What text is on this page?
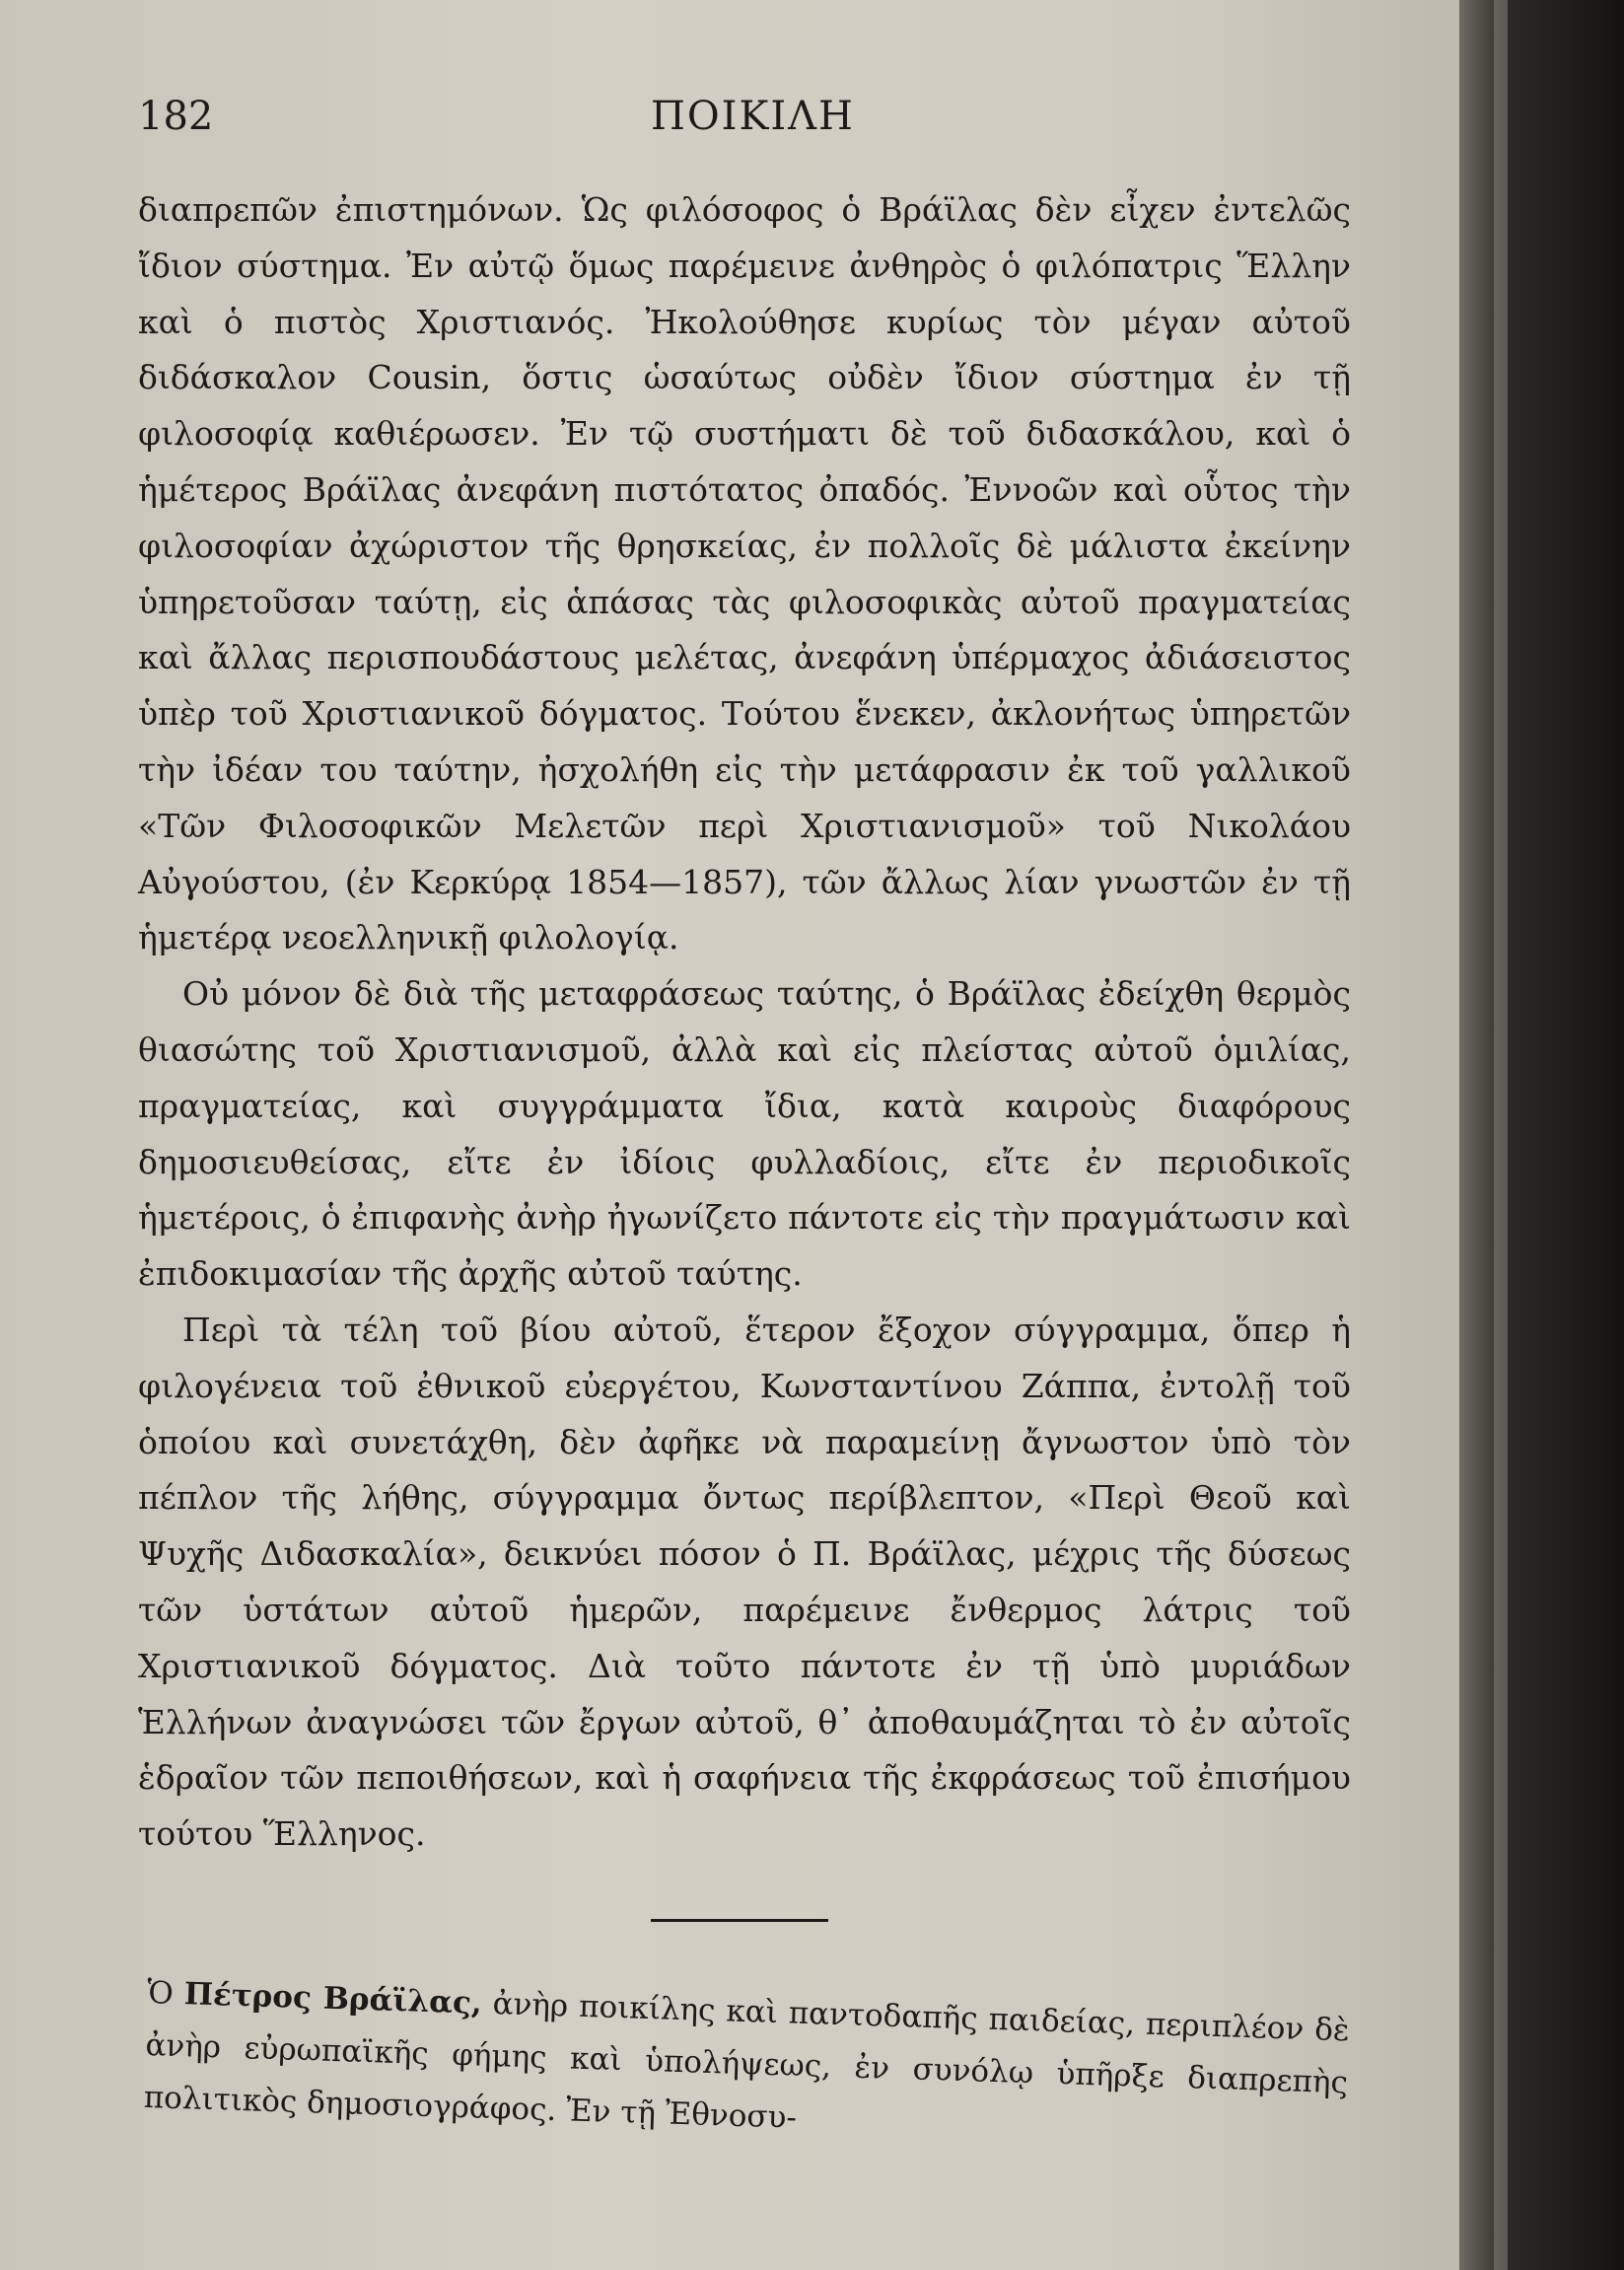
182	ΠΟΙΚΙΛΗ

διαπρεπῶν ἐπιστημόνων. Ὡς φιλόσοφος ὁ Βράϊλας δὲν εἶχεν ἐντελῶς ἴδιον σύστημα. Ἐν αὐτῷ ὅμως παρέμεινε ἀνθηρὸς ὁ φιλόπατρις Ἕλλην καὶ ὁ πιστὸς Χριστιανός. Ἠκολούθησε κυρίως τὸν μέγαν αὐτοῦ διδάσκαλον Cousin, ὅστις ὡσαύτως οὐδὲν ἴδιον σύστημα ἐν τῇ φιλοσοφίᾳ καθιέρωσεν. Ἐν τῷ συστήματι δὲ τοῦ διδασκάλου, καὶ ὁ ἡμέτερος Βράϊλας ἀνεφάνη πιστότατος ὀπαδός. Ἐννοῶν καὶ οὗτος τὴν φιλοσοφίαν ἀχώριστον τῆς θρησκείας, ἐν πολλοῖς δὲ μάλιστα ἐκείνην ὑπηρετοῦσαν ταύτῃ, εἰς ἁπάσας τὰς φιλοσοφικὰς αὐτοῦ πραγματείας καὶ ἄλλας περισπουδάστους μελέτας, ἀνεφάνη ὑπέρμαχος ἀδιάσειστος ὑπὲρ τοῦ Χριστιανικοῦ δόγματος. Τούτου ἕνεκεν, ἀκλονήτως ὑπηρετῶν τὴν ἰδέαν του ταύτην, ἠσχολήθη εἰς τὴν μετάφρασιν ἐκ τοῦ γαλλικοῦ «Τῶν Φιλοσοφικῶν Μελετῶν περὶ Χριστιανισμοῦ» τοῦ Νικολάου Αὐγούστου, (ἐν Κερκύρᾳ 1854—1857), τῶν ἄλλως λίαν γνωστῶν ἐν τῇ ἡμετέρᾳ νεοελληνικῇ φιλολογίᾳ.

Οὐ μόνον δὲ διὰ τῆς μεταφράσεως ταύτης, ὁ Βράϊλας ἐδείχθη θερμὸς θιασώτης τοῦ Χριστιανισμοῦ, ἀλλὰ καὶ εἰς πλείστας αὐτοῦ ὁμιλίας, πραγματείας, καὶ συγγράμματα ἴδια, κατὰ καιροὺς διαφόρους δημοσιευθείσας, εἴτε ἐν ἰδίοις φυλλαδίοις, εἴτε ἐν περιοδικοῖς ἡμετέροις, ὁ ἐπιφανὴς ἀνὴρ ἠγωνίζετο πάντοτε εἰς τὴν πραγμάτωσιν καὶ ἐπιδοκιμασίαν τῆς ἀρχῆς αὐτοῦ ταύτης.

Περὶ τὰ τέλη τοῦ βίου αὐτοῦ, ἕτερον ἔξοχον σύγγραμμα, ὅπερ ἡ φιλογένεια τοῦ ἐθνικοῦ εὐεργέτου, Κωνσταντίνου Ζάππα, ἐντολῇ τοῦ ὁποίου καὶ συνετάχθη, δὲν ἀφῆκε νὰ παραμείνῃ ἄγνωστον ὑπὸ τὸν πέπλον τῆς λήθης, σύγγραμμα ὄντως περίβλεπτον, «Περὶ Θεοῦ καὶ Ψυχῆς Διδασκαλία», δεικνύει πόσον ὁ Π. Βράϊλας, μέχρις τῆς δύσεως τῶν ὑστάτων αὐτοῦ ἡμερῶν, παρέμεινε ἔνθερμος λάτρις τοῦ Χριστιανικοῦ δόγματος. Διὰ τοῦτο πάντοτε ἐν τῇ ὑπὸ μυριάδων Ἑλλήνων ἀναγνώσει τῶν ἔργων αὐτοῦ, θ᾽ ἀποθαυμάζηται τὸ ἐν αὐτοῖς ἑδραῖον τῶν πεποιθήσεων, καὶ ἡ σαφήνεια τῆς ἐκφράσεως τοῦ ἐπισήμου τούτου Ἕλληνος.

Ὁ Πέτρος Βράϊλας, ἀνὴρ ποικίλης καὶ παντοδαπῆς παιδείας, περιπλέον δὲ ἀνὴρ εὐρωπαϊκῆς φήμης καὶ ὑπολήψεως, ἐν συνόλῳ ὑπῆρξε διαπρεπὴς πολιτικὸς δημοσιογράφος. Ἐν τῇ Ἐθνοσυ-
